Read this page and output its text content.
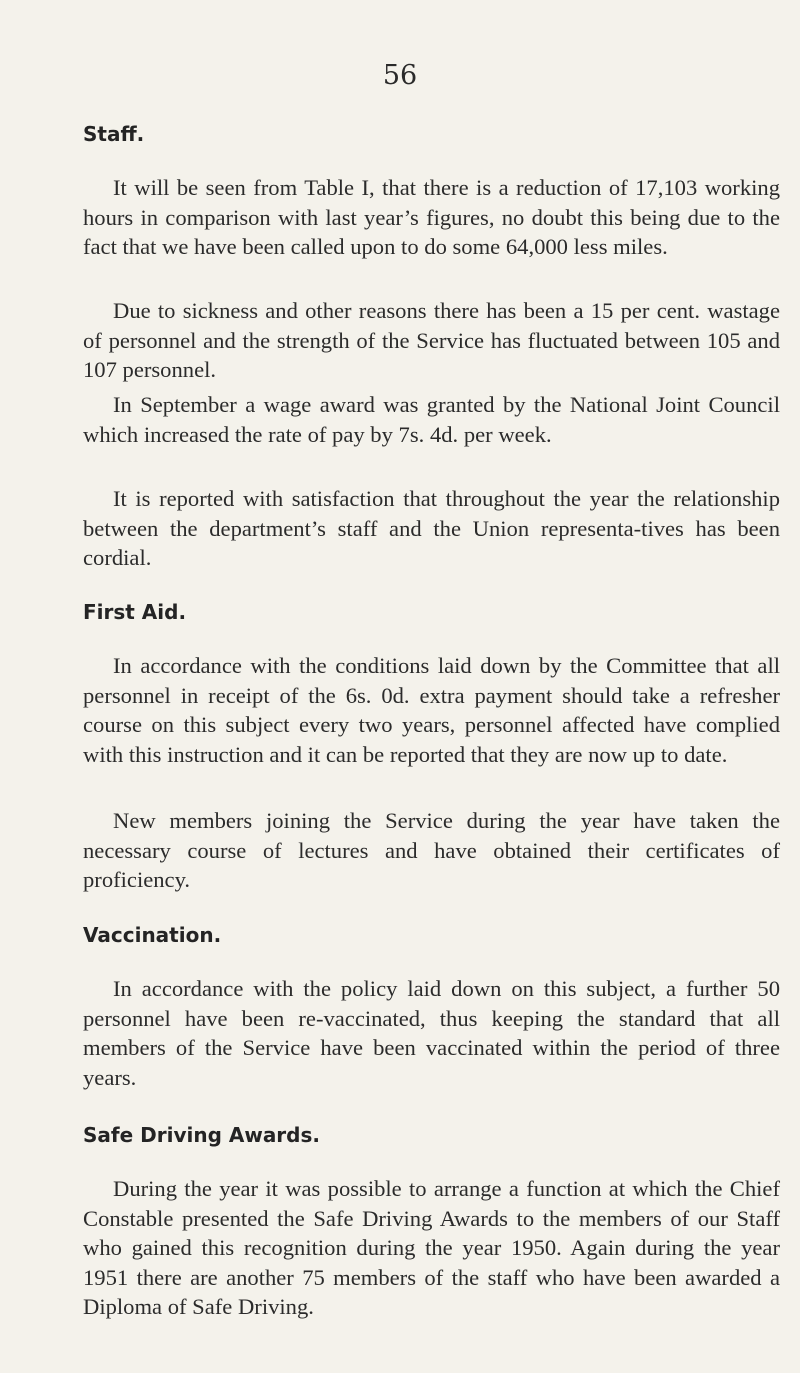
56
Staff.

It will be seen from Table I, that there is a reduction of 17,103 working hours in comparison with last year’s figures, no doubt this being due to the fact that we have been called upon to do some 64,000 less miles.

Due to sickness and other reasons there has been a 15 per cent. wastage of personnel and the strength of the Service has fluctuated between 105 and 107 personnel.

In September a wage award was granted by the National Joint Council which increased the rate of pay by 7s. 4d. per week.

It is reported with satisfaction that throughout the year the relationship between the department’s staff and the Union representa-tives has been cordial.

First Aid.

In accordance with the conditions laid down by the Committee that all personnel in receipt of the 6s. 0d. extra payment should take a refresher course on this subject every two years, personnel affected have complied with this instruction and it can be reported that they are now up to date.

New members joining the Service during the year have taken the necessary course of lectures and have obtained their certificates of proficiency.

Vaccination.

In accordance with the policy laid down on this subject, a further 50 personnel have been re-vaccinated, thus keeping the standard that all members of the Service have been vaccinated within the period of three years.

Safe Driving Awards.

During the year it was possible to arrange a function at which the Chief Constable presented the Safe Driving Awards to the members of our Staff who gained this recognition during the year 1950. Again during the year 1951 there are another 75 members of the staff who have been awarded a Diploma of Safe Driving.
